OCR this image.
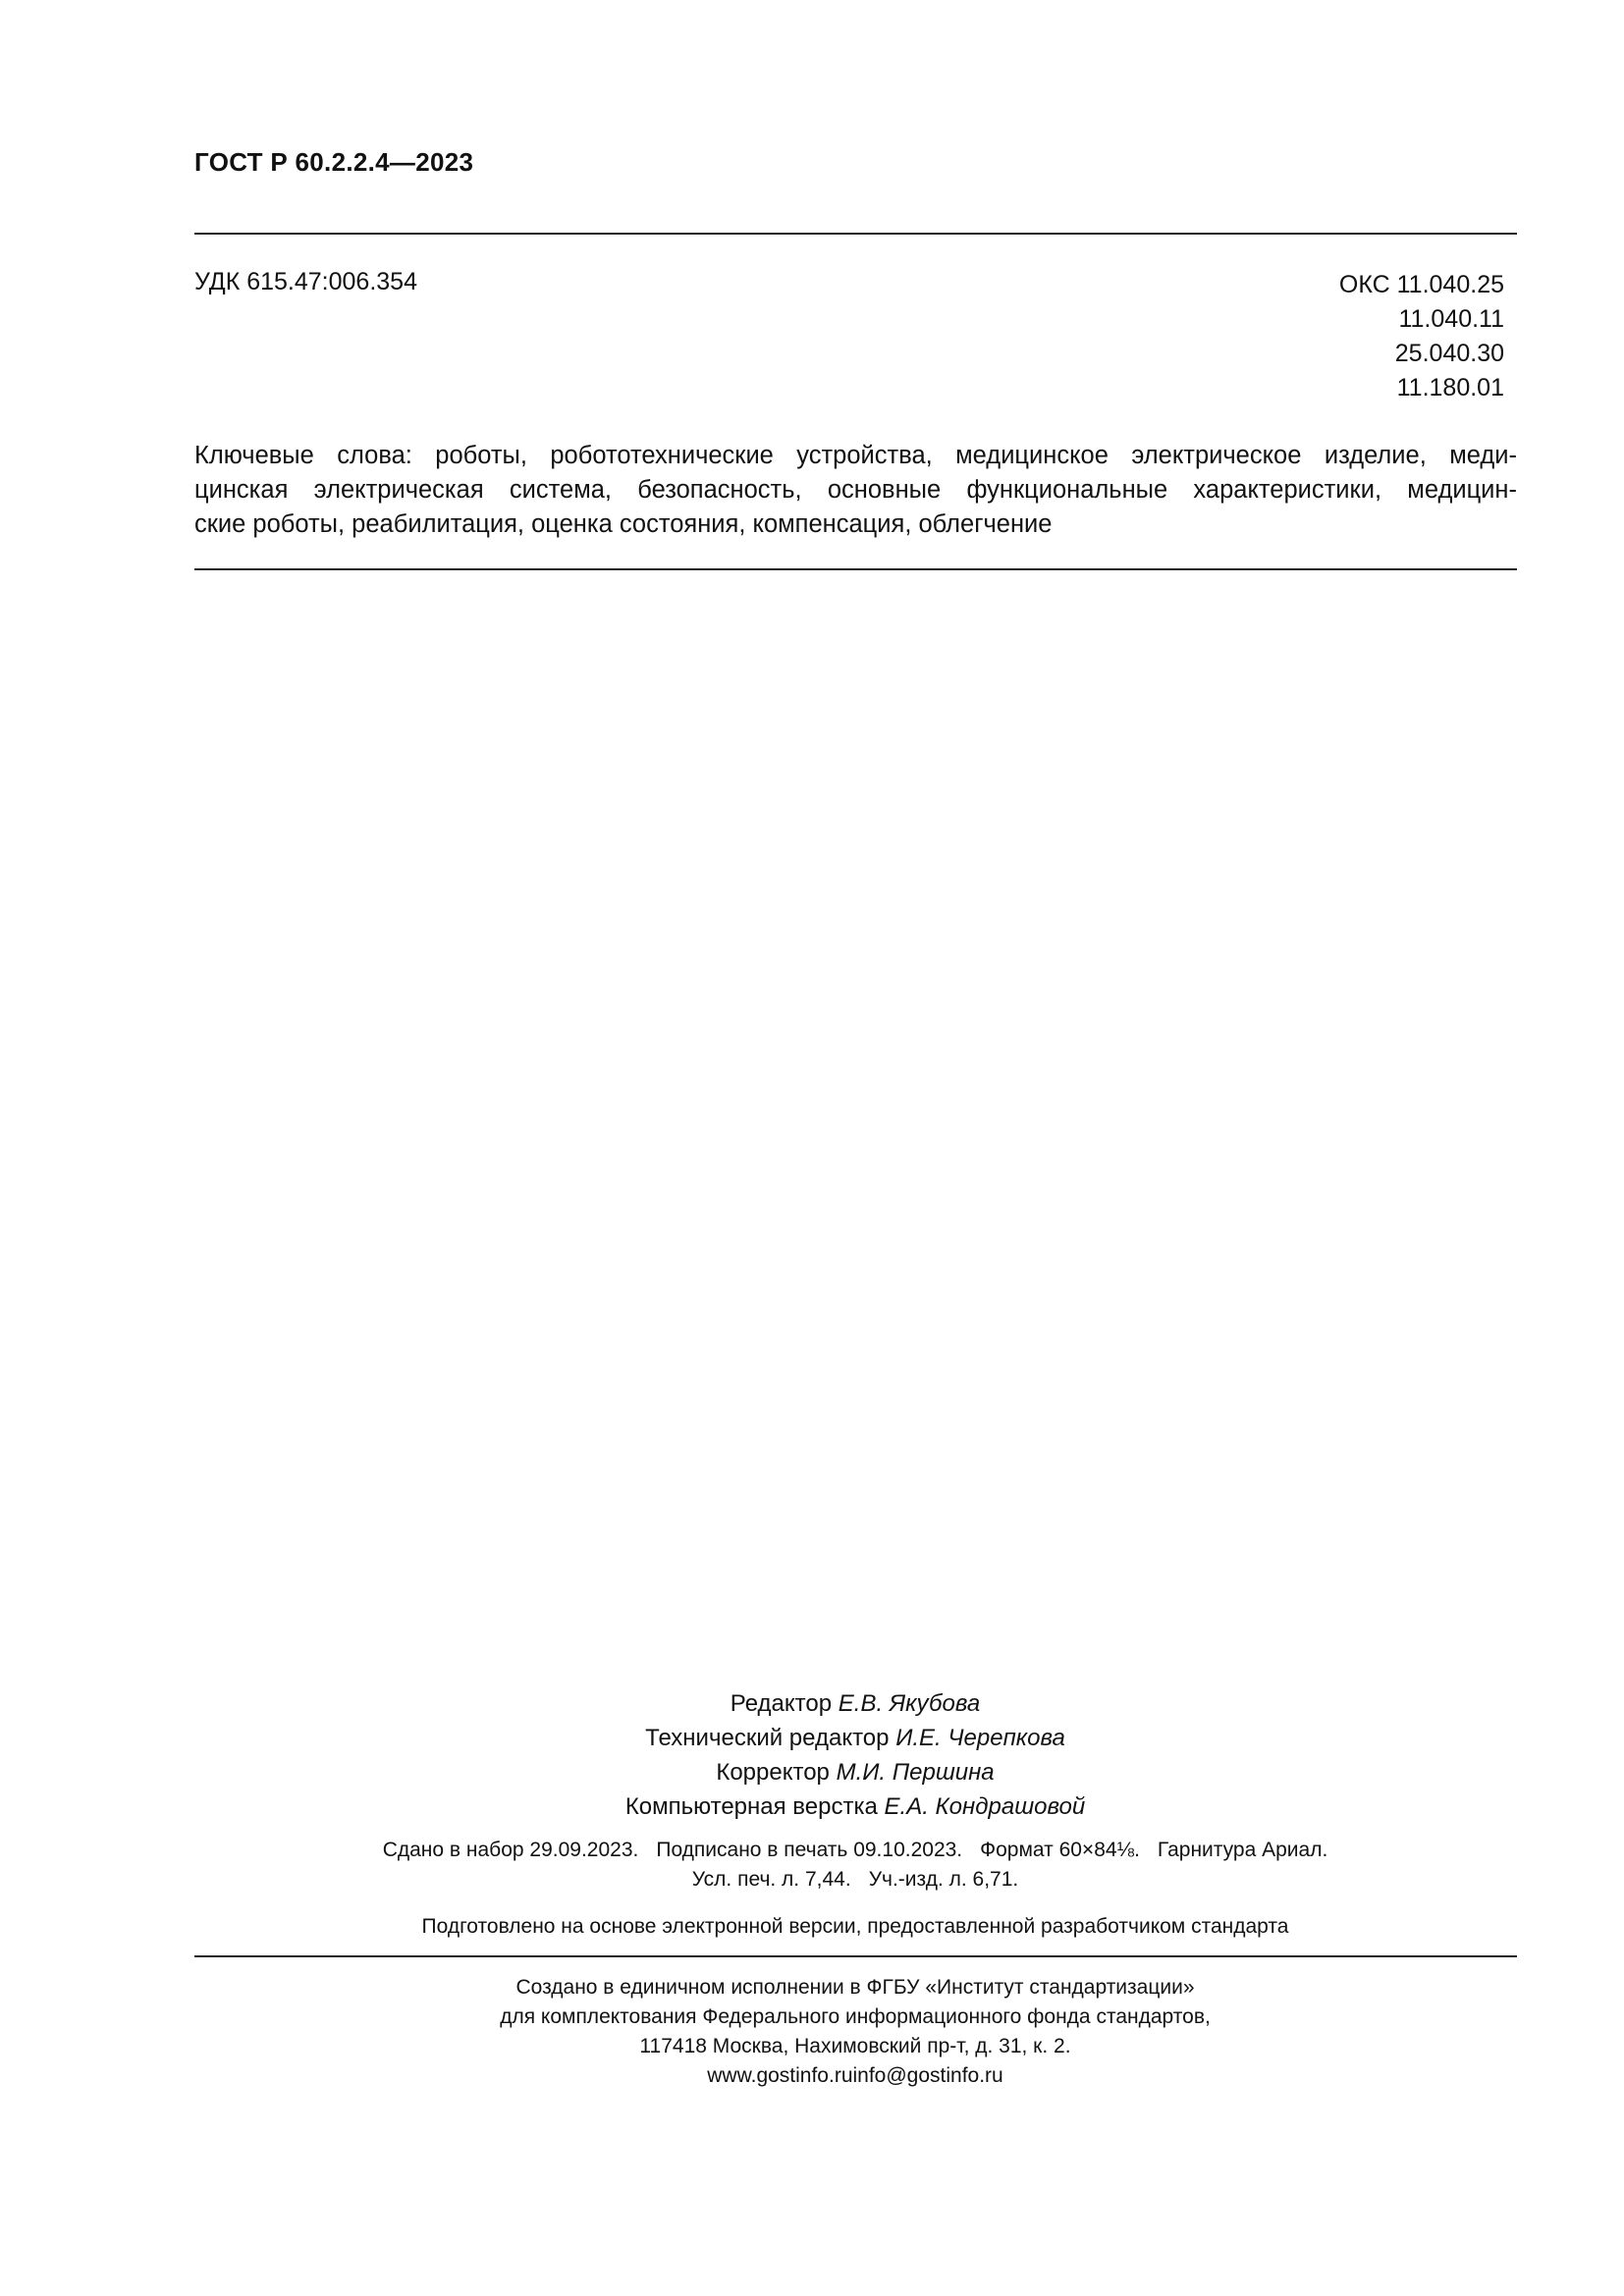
ГОСТ Р 60.2.2.4—2023
УДК 615.47:006.354	ОКС 11.040.25
11.040.11
25.040.30
11.180.01
Ключевые слова: роботы, робототехнические устройства, медицинское электрическое изделие, меди-
цинская электрическая система, безопасность, основные функциональные характеристики, медицин-
ские роботы, реабилитация, оценка состояния, компенсация, облегчение
Редактор Е.В. Якубова
Технический редактор И.Е. Черепкова
Корректор М.И. Першина
Компьютерная верстка Е.А. Кондрашовой
Сдано в набор 29.09.2023. Подписано в печать 09.10.2023. Формат 60×84⅛. Гарнитура Ариал.
Усл. печ. л. 7,44. Уч.-изд. л. 6,71.
Подготовлено на основе электронной версии, предоставленной разработчиком стандарта
Создано в единичном исполнении в ФГБУ «Институт стандартизации»
для комплектования Федерального информационного фонда стандартов,
117418 Москва, Нахимовский пр-т, д. 31, к. 2.
www.gostinfo.ruinfo@gostinfo.ru
